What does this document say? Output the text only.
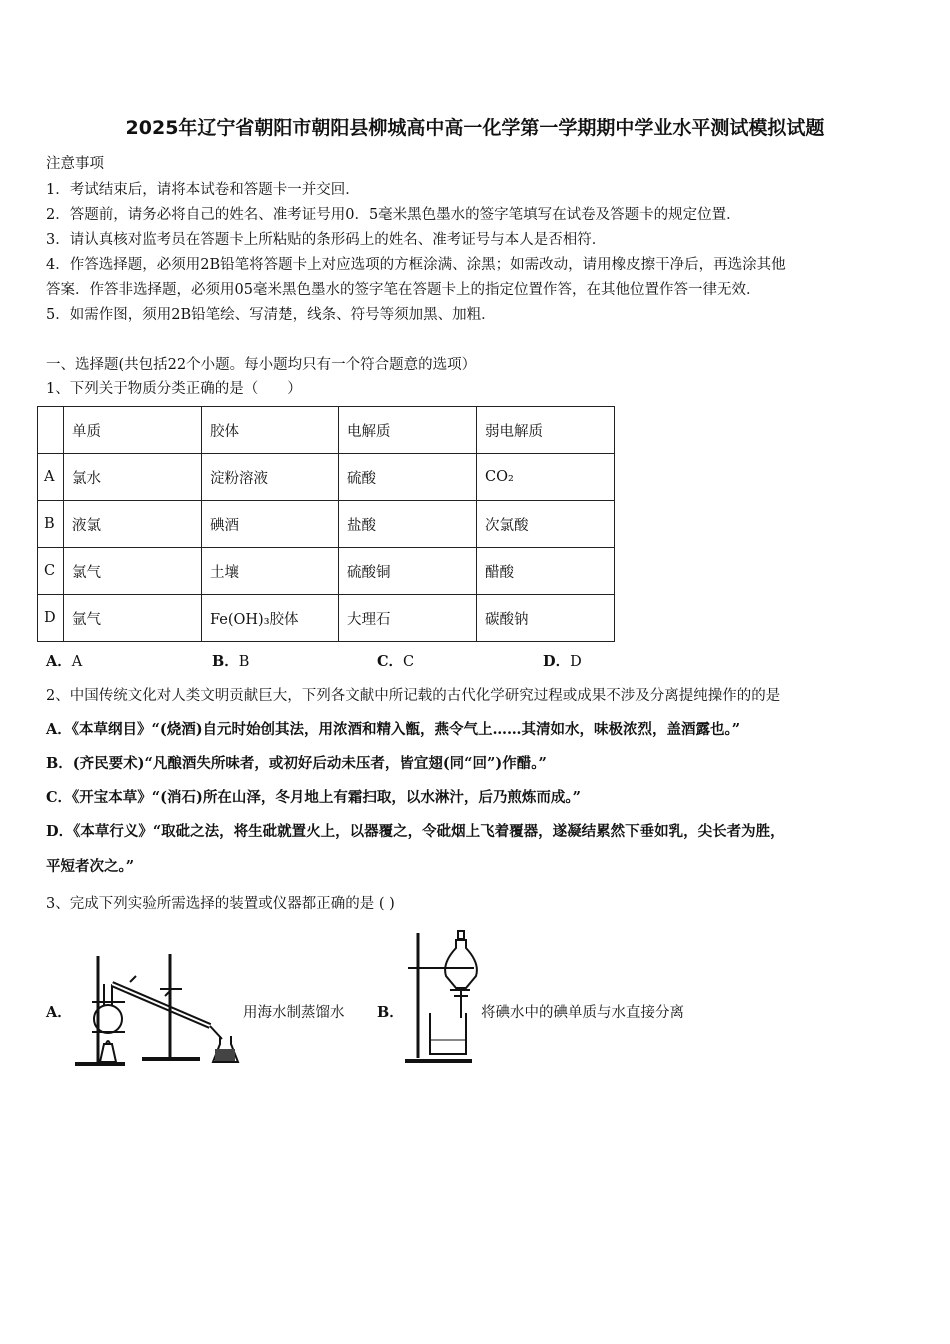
2025年辽宁省朝阳市朝阳县柳城高中高一化学第一学期期中学业水平测试模拟试题
注意事项
1．考试结束后，请将本试卷和答题卡一并交回．
2．答题前，请务必将自己的姓名、准考证号用0．5毫米黑色墨水的签字笔填写在试卷及答题卡的规定位置．
3．请认真核对监考员在答题卡上所粘贴的条形码上的姓名、准考证号与本人是否相符．
4．作答选择题，必须用2B铅笔将答题卡上对应选项的方框涂满、涂黑；如需改动，请用橡皮擦干净后，再选涂其他
答案．作答非选择题，必须用05毫米黑色墨水的签字笔在答题卡上的指定位置作答，在其他位置作答一律无效．
5．如需作图，须用2B铅笔绘、写清楚，线条、符号等须加黑、加粗．
一、选择题(共包括22个小题。每小题均只有一个符合题意的选项）
1、下列关于物质分类正确的是（　　）
	单质	胶体	电解质	弱电解质
A	氯水	淀粉溶液	硫酸	CO₂
B	液氯	碘酒	盐酸	次氯酸
C	氯气	土壤	硫酸铜	醋酸
D	氩气	Fe(OH)₃胶体	大理石	碳酸钠
A．A	B．B	C．C	D．D
2、中国传统文化对人类文明贡献巨大，下列各文献中所记载的古代化学研究过程或成果不涉及分离提纯操作的的是
A．《本草纲目》“(烧酒)自元时始创其法，用浓酒和精入甑，燕令气上……其清如水，味极浓烈，盖酒露也。”
B．(齐民要术)“凡酿酒失所味者，或初好后动未压者，皆宜翅(同“回”)作醋。”
C．《开宝本草》“(消石)所在山泽，冬月地上有霜扫取，以水淋汁，后乃煎炼而成。”
D．《本草行义》“取砒之法，将生砒就置火上，以器覆之，令砒烟上飞着覆器，遂凝结累然下垂如乳，尖长者为胜，
平短者次之。”
3、完成下列实验所需选择的装置或仪器都正确的是 ( )
A．	用海水制蒸馏水 B．	将碘水中的碘单质与水直接分离
